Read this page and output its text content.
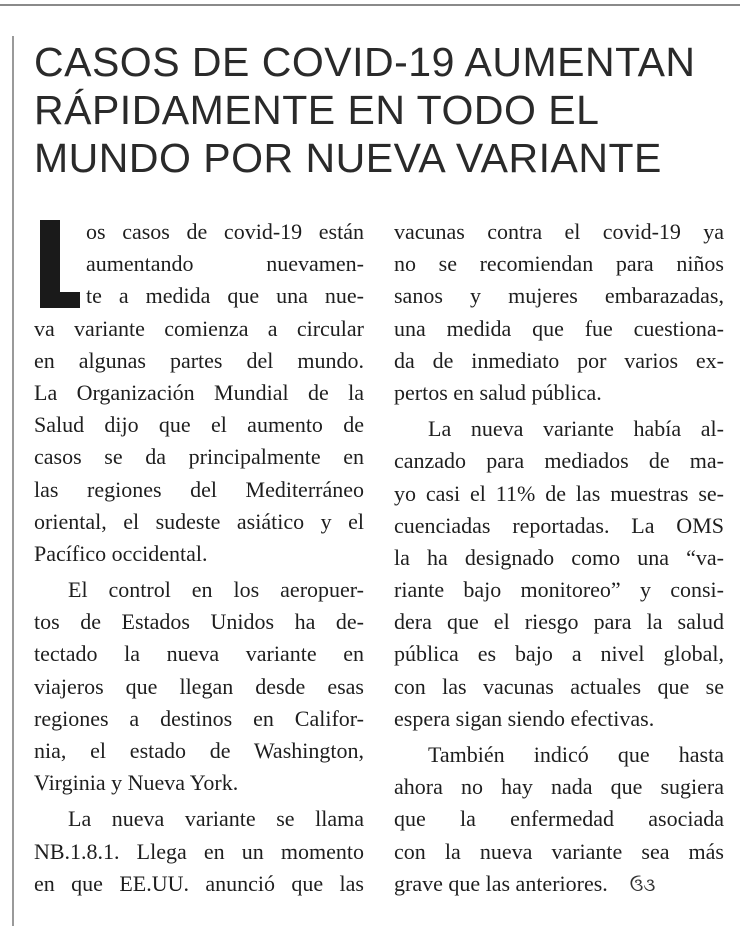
CASOS DE COVID-19 AUMENTAN
RÁPIDAMENTE EN TODO EL
MUNDO POR NUEVA VARIANTE
os casos de covid-19 están
aumentando nuevamen-
te a medida que una nue-
va variante comienza a circular
en algunas partes del mundo.
La Organización Mundial de la
Salud dijo que el aumento de
casos se da principalmente en
las regiones del Mediterráneo
oriental, el sudeste asiático y el
Pacífico occidental.
El control en los aeropuer-
tos de Estados Unidos ha de-
tectado la nueva variante en
viajeros que llegan desde esas
regiones a destinos en Califor-
nia, el estado de Washington,
Virginia y Nueva York.
La nueva variante se llama
NB.1.8.1. Llega en un momento
en que EE.UU. anunció que las
vacunas contra el covid-19 ya
no se recomiendan para niños
sanos y mujeres embarazadas,
una medida que fue cuestiona-
da de inmediato por varios ex-
pertos en salud pública.
La nueva variante había al-
canzado para mediados de ma-
yo casi el 11% de las muestras se-
cuenciadas reportadas. La OMS
la ha designado como una “va-
riante bajo monitoreo” y consi-
dera que el riesgo para la salud
pública es bajo a nivel global,
con las vacunas actuales que se
espera sigan siendo efectivas.
También indicó que hasta
ahora no hay nada que sugiera
que la enfermedad asociada
con la nueva variante sea más
grave que las anteriores. ઉ૩
